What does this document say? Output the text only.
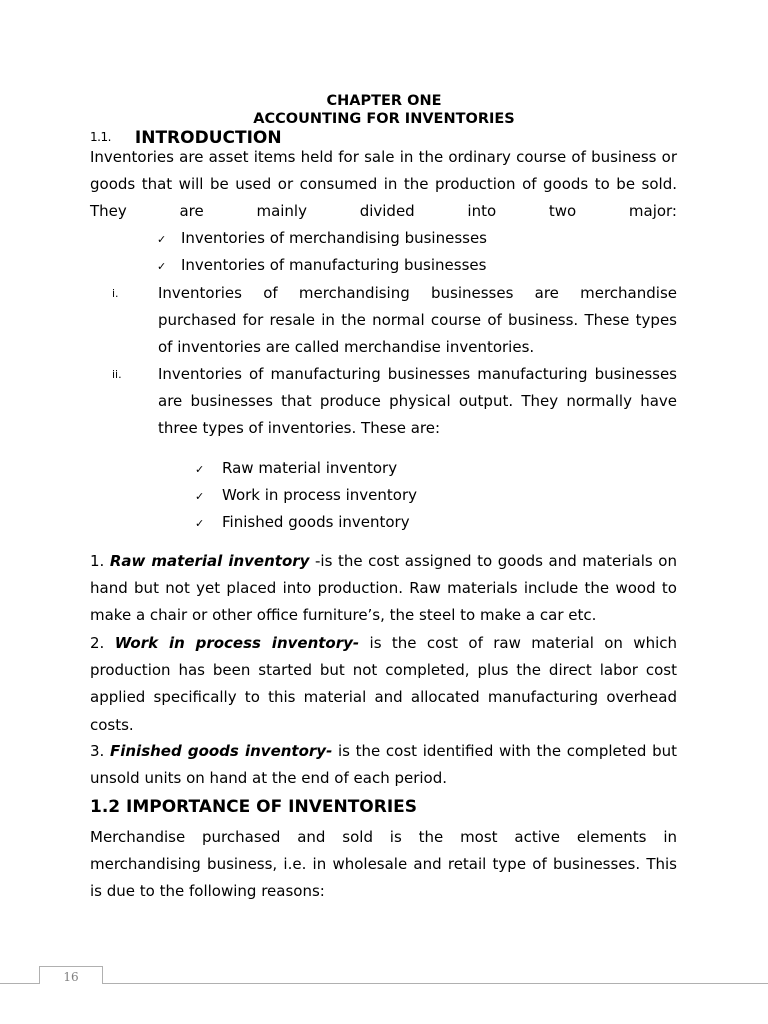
CHAPTER ONE
ACCOUNTING FOR INVENTORIES
1.1. INTRODUCTION
Inventories are asset items held for sale in the ordinary course of business or goods that will be used or consumed in the production of goods to be sold. They are mainly divided into two major:
✓ Inventories of merchandising businesses
✓ Inventories of manufacturing businesses
i.	Inventories of merchandising businesses are merchandise purchased for resale in the normal course of business. These types of inventories are called merchandise inventories.
ii.	Inventories of manufacturing businesses manufacturing businesses are businesses that produce physical output. They normally have three types of inventories. These are:
✓ Raw material inventory
✓ Work in process inventory
✓ Finished goods inventory
1. Raw material inventory -is the cost assigned to goods and materials on hand but not yet placed into production. Raw materials include the wood to make a chair or other office furniture’s, the steel to make a car etc.
2. Work in process inventory- is the cost of raw material on which production has been started but not completed, plus the direct labor cost applied specifically to this material and allocated manufacturing overhead costs.
3. Finished goods inventory- is the cost identified with the completed but unsold units on hand at the end of each period.
1.2 IMPORTANCE OF INVENTORIES
Merchandise purchased and sold is the most active elements in merchandising business, i.e. in wholesale and retail type of businesses. This is due to the following reasons:
16
